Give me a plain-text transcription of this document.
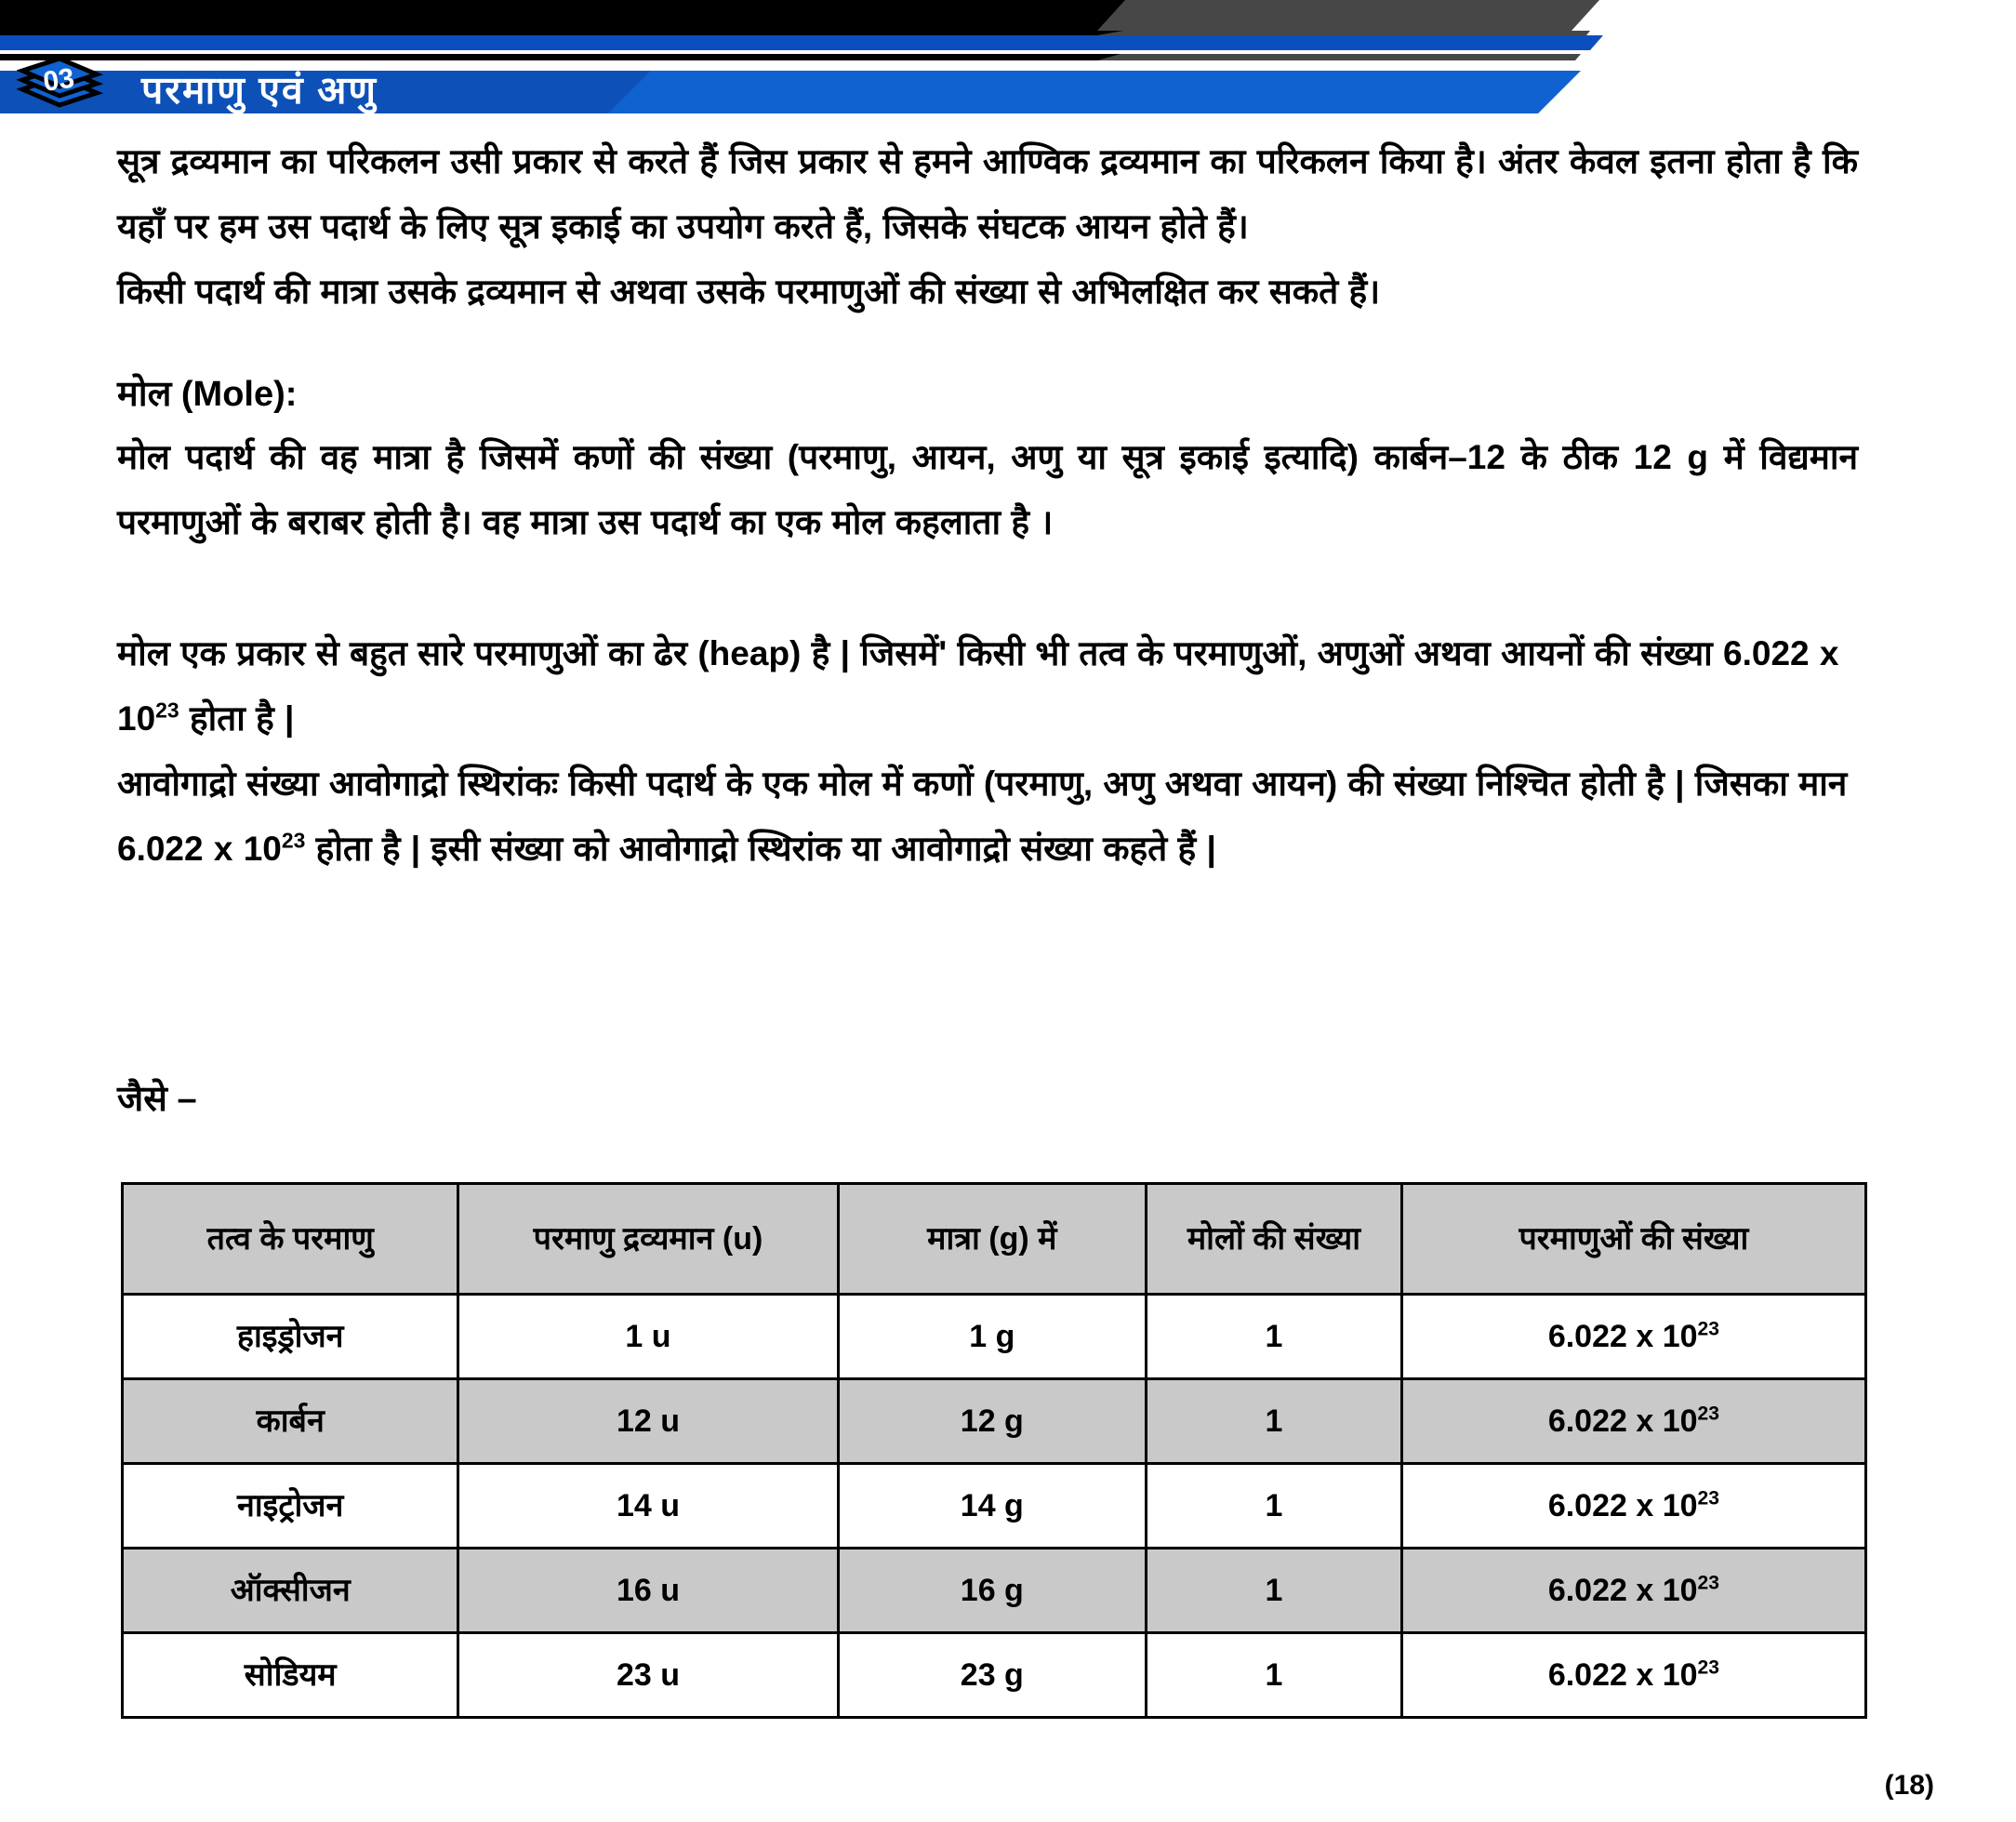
03 परमाणु एवं अणु
सूत्र द्रव्यमान का परिकलन उसी प्रकार से करते हैं जिस प्रकार से हमने आण्विक द्रव्यमान का परिकलन किया है। अंतर केवल इतना होता है कि यहाँ पर हम उस पदार्थ के लिए सूत्र इकाई का उपयोग करते हैं, जिसके संघटक आयन होते हैं।
किसी पदार्थ की मात्रा उसके द्रव्यमान से अथवा उसके परमाणुओं की संख्या से अभिलक्षित कर सकते हैं।
मोल (Mole):
मोल पदार्थ की वह मात्रा है जिसमें कणों की संख्या (परमाणु, आयन, अणु या सूत्र इकाई इत्यादि) कार्बन–12 के ठीक 12 g में विद्यमान परमाणुओं के बराबर होती है। वह मात्रा उस पदार्थ का एक मोल कहलाता है ।
मोल एक प्रकार से बहुत सारे परमाणुओं का ढेर (heap) है | जिसमें' किसी भी तत्व के परमाणुओं, अणुओं अथवा आयनों की संख्या 6.022 x $10^{23}$ होता है |
आवोगाद्रो संख्या आवोगाद्रो स्थिरांकः किसी पदार्थ के एक मोल में कणों (परमाणु, अणु अथवा आयन) की संख्या निश्चित होती है | जिसका मान 6.022 x $10^{23}$ होता है | इसी संख्या को आवोगाद्रो स्थिरांक या आवोगाद्रो संख्या कहते हैं |
जैसे –
तत्व के परमाणु	परमाणु द्रव्यमान (u)	मात्रा (g) में	मोलों की संख्या	परमाणुओं की संख्या
हाइड्रोजन	1 u	1 g	1	6.022 x $10^{23}$
कार्बन	12 u	12 g	1	6.022 x $10^{23}$
नाइट्रोजन	14 u	14 g	1	6.022 x $10^{23}$
ऑक्सीजन	16 u	16 g	1	6.022 x $10^{23}$
सोडियम	23 u	23 g	1	6.022 x $10^{23}$
(18)
